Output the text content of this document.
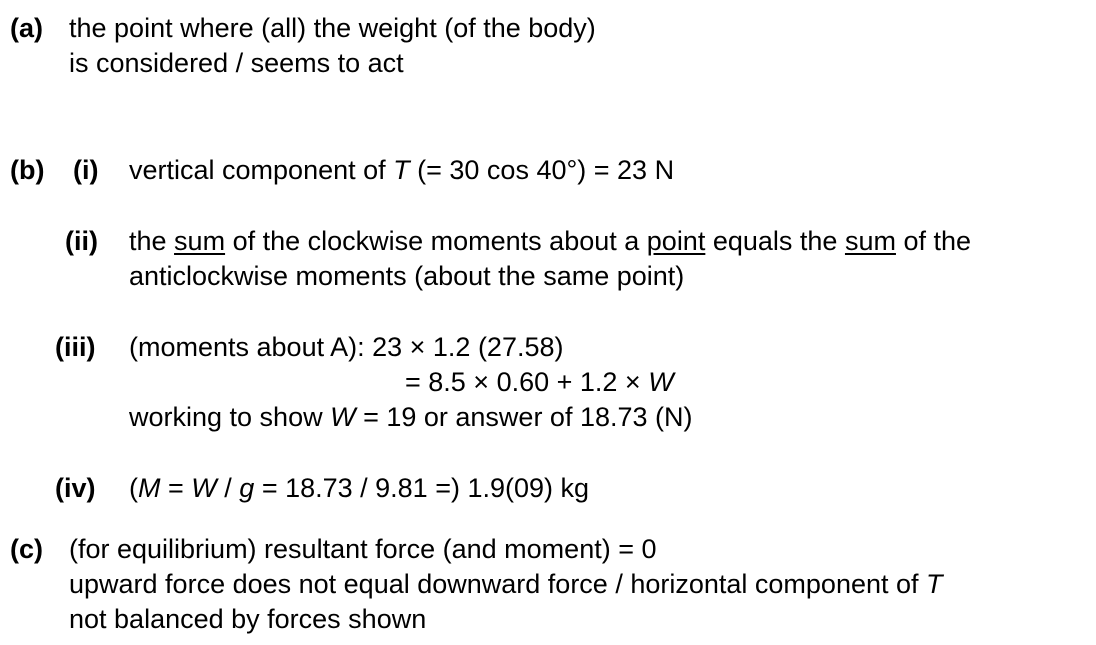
(a) the point where (all) the weight (of the body)
is considered / seems to act
(b) (i) vertical component of T (= 30 cos 40°) = 23 N
(ii) the sum of the clockwise moments about a point equals the sum of the
anticlockwise moments (about the same point)
(iii) (moments about A): 23 × 1.2 (27.58)
= 8.5 × 0.60 + 1.2 × W
working to show W = 19 or answer of 18.73 (N)
(iv) (M = W / g = 18.73 / 9.81 =) 1.9(09) kg
(c) (for equilibrium) resultant force (and moment) = 0
upward force does not equal downward force / horizontal component of T
not balanced by forces shown
